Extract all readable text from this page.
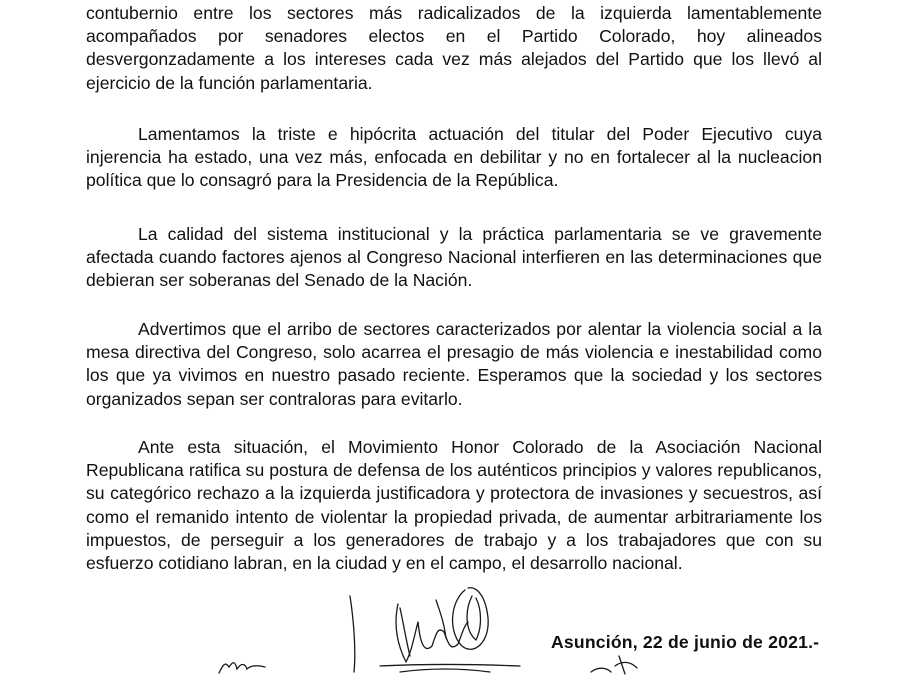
contubernio entre los sectores más radicalizados de la izquierda lamentablemente acompañados por senadores electos en el Partido Colorado, hoy alineados desvergonzadamente a los intereses cada vez más alejados del Partido que los llevó al ejercicio de la función parlamentaria.

Lamentamos la triste e hipócrita actuación del titular del Poder Ejecutivo cuya injerencia ha estado, una vez más, enfocada en debilitar y no en fortalecer al la nucleacion política que lo consagró para la Presidencia de la República.

La calidad del sistema institucional y la práctica parlamentaria se ve gravemente afectada cuando factores ajenos al Congreso Nacional interfieren en las determinaciones que debieran ser soberanas del Senado de la Nación.

Advertimos que el arribo de sectores caracterizados por alentar la violencia social a la mesa directiva del Congreso, solo acarrea el presagio de más violencia e inestabilidad como los que ya vivimos en nuestro pasado reciente. Esperamos que la sociedad y los sectores organizados sepan ser contraloras para evitarlo.

Ante esta situación, el Movimiento Honor Colorado de la Asociación Nacional Republicana ratifica su postura de defensa de los auténticos principios y valores republicanos, su categórico rechazo a la izquierda justificadora y protectora de invasiones y secuestros, así como el remanido intento de violentar la propiedad privada, de aumentar arbitrariamente los impuestos, de perseguir a los generadores de trabajo y a los trabajadores que con su esfuerzo cotidiano labran, en la ciudad y en el campo, el desarrollo nacional.

Asunción, 22 de junio de 2021.-
